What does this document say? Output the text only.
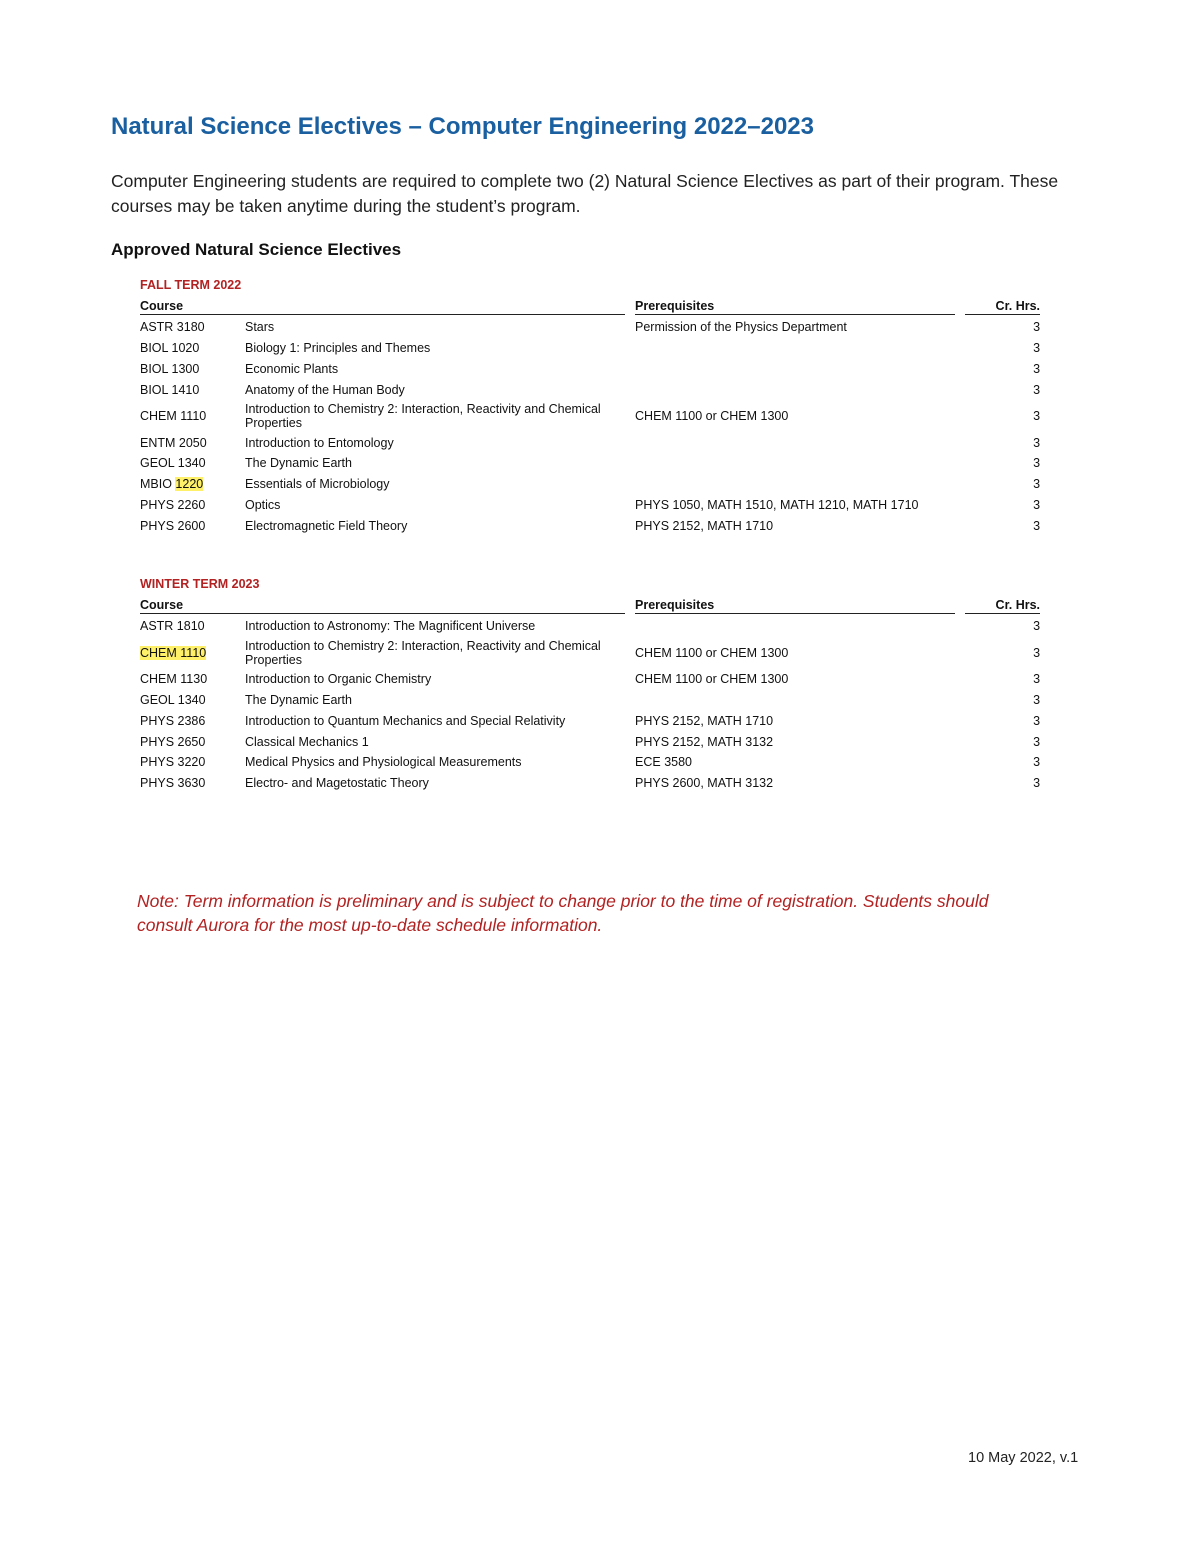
Natural Science Electives – Computer Engineering 2022–2023
Computer Engineering students are required to complete two (2) Natural Science Electives as part of their program. These courses may be taken anytime during the student’s program.
Approved Natural Science Electives
FALL TERM 2022
Course			Prerequisites		Cr. Hrs.
ASTR 3180	Stars		Permission of the Physics Department		3
BIOL 1020	Biology 1: Principles and Themes				3
BIOL 1300	Economic Plants				3
BIOL 1410	Anatomy of the Human Body				3
CHEM 1110	Introduction to Chemistry 2: Interaction, Reactivity and Chemical Properties		CHEM 1100 or CHEM 1300		3
ENTM 2050	Introduction to Entomology				3
GEOL 1340	The Dynamic Earth				3
MBIO 1220	Essentials of Microbiology				3
PHYS 2260	Optics		PHYS 1050, MATH 1510, MATH 1210, MATH 1710		3
PHYS 2600	Electromagnetic Field Theory		PHYS 2152, MATH 1710		3
WINTER TERM 2023
Course			Prerequisites		Cr. Hrs.
ASTR 1810	Introduction to Astronomy: The Magnificent Universe				3
CHEM 1110	Introduction to Chemistry 2: Interaction, Reactivity and Chemical Properties		CHEM 1100 or CHEM 1300		3
CHEM 1130	Introduction to Organic Chemistry		CHEM 1100 or CHEM 1300		3
GEOL 1340	The Dynamic Earth				3
PHYS 2386	Introduction to Quantum Mechanics and Special Relativity		PHYS 2152, MATH 1710		3
PHYS 2650	Classical Mechanics 1		PHYS 2152, MATH 3132		3
PHYS 3220	Medical Physics and Physiological Measurements		ECE 3580		3
PHYS 3630	Electro- and Magetostatic Theory		PHYS 2600, MATH 3132		3
Note: Term information is preliminary and is subject to change prior to the time of registration. Students should consult Aurora for the most up-to-date schedule information.
10 May 2022, v.1
